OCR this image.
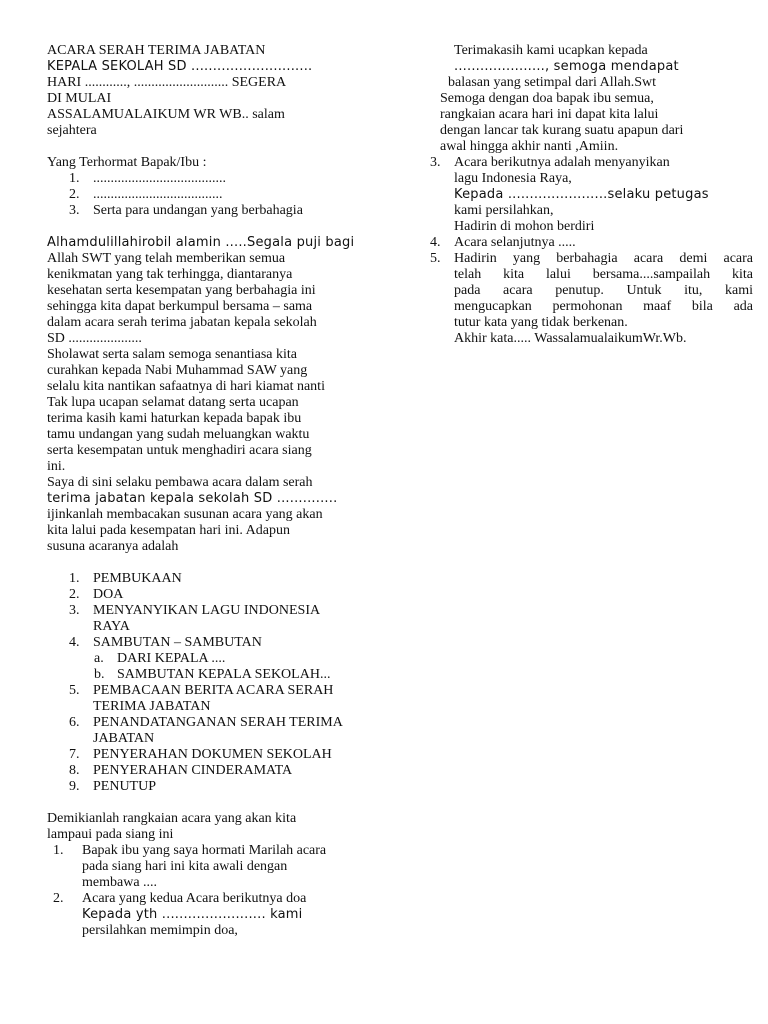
ACARA SERAH TERIMA JABATAN
KEPALA SEKOLAH SD ............................
HARI ............, ........................... SEGERA
DI MULAI
ASSALAMUALAIKUM WR WB.. salam
sejahtera
Yang Terhormat Bapak/Ibu :
1. ......................................
2. .....................................
3. Serta para undangan yang berbahagia
Alhamdulillahirobil alamin .....Segala puji bagi
Allah SWT yang telah memberikan semua
kenikmatan yang tak terhingga, diantaranya
kesehatan serta kesempatan yang berbahagia ini
sehingga kita dapat berkumpul bersama – sama
dalam acara serah terima jabatan kepala sekolah
SD .....................
Sholawat serta salam semoga senantiasa kita
curahkan kepada Nabi Muhammad SAW yang
selalu kita nantikan safaatnya di hari kiamat nanti
Tak lupa ucapan selamat datang serta ucapan
terima kasih kami haturkan kepada bapak ibu
tamu undangan yang sudah meluangkan waktu
serta kesempatan untuk menghadiri acara siang
ini.
Saya di sini selaku pembawa acara dalam serah
terima jabatan kepala sekolah SD ..............
ijinkanlah membacakan susunan acara yang akan
kita lalui pada kesempatan hari ini. Adapun
susuna acaranya adalah
1. PEMBUKAAN
2. DOA
3. MENYANYIKAN LAGU INDONESIA
RAYA
4. SAMBUTAN – SAMBUTAN
a. DARI KEPALA ....
b. SAMBUTAN KEPALA SEKOLAH...
5. PEMBACAAN BERITA ACARA SERAH
TERIMA JABATAN
6. PENANDATANGANAN SERAH TERIMA
JABATAN
7. PENYERAHAN DOKUMEN SEKOLAH
8. PENYERAHAN CINDERAMATA
9. PENUTUP
Demikianlah rangkaian acara yang akan kita
lampaui pada siang ini
1. Bapak ibu yang saya hormati Marilah acara
pada siang hari ini kita awali dengan
membawa ....
2. Acara yang kedua Acara berikutnya doa
Kepada yth ........................ kami
persilahkan memimpin doa,
Terimakasih kami ucapkan kepada
....................., semoga mendapat
balasan yang setimpal dari Allah.Swt
Semoga dengan doa bapak ibu semua,
rangkaian acara hari ini dapat kita lalui
dengan lancar tak kurang suatu apapun dari
awal hingga akhir nanti ,Amiin.
3. Acara berikutnya adalah menyanyikan
lagu Indonesia Raya,
Kepada .......................selaku petugas
kami persilahkan,
Hadirin di mohon berdiri
4. Acara selanjutnya .....
5. Hadirin yang berbahagia acara demi acara
telah kita lalui bersama....sampailah kita
pada acara penutup. Untuk itu, kami
mengucapkan permohonan maaf bila ada
tutur kata yang tidak berkenan.
Akhir kata..... WassalamualaikumWr.Wb.
